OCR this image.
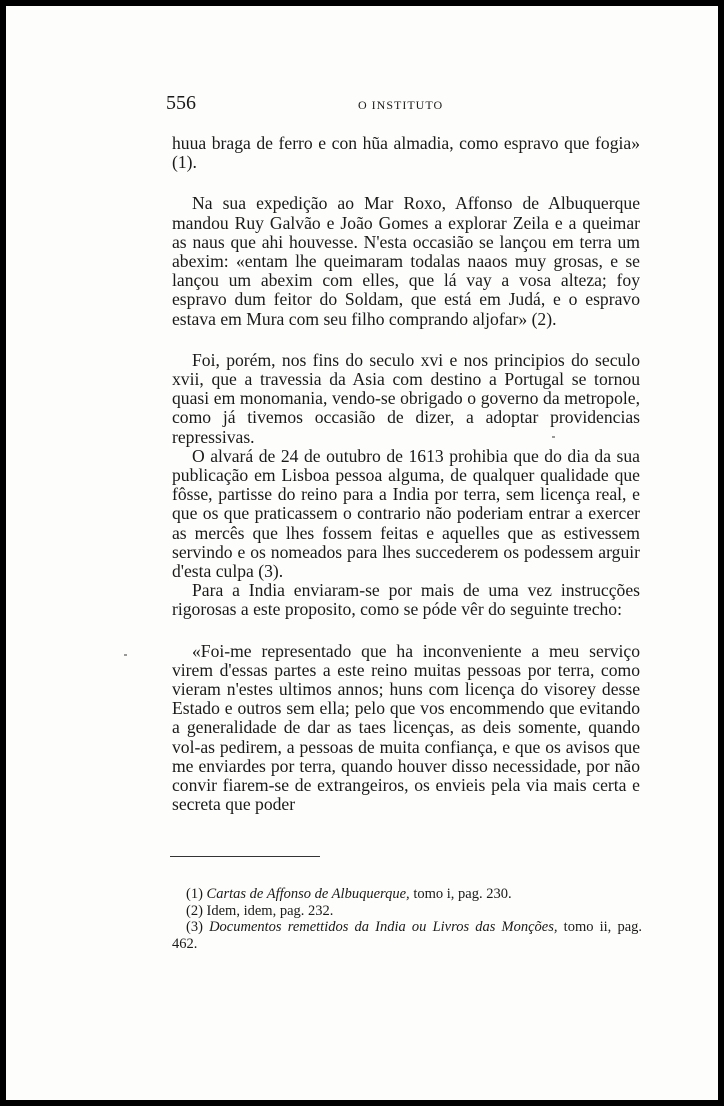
556	O INSTITUTO

huua braga de ferro e con hũa almadia, como espravo que fogia» (1).

Na sua expedição ao Mar Roxo, Affonso de Albuquerque mandou Ruy Galvão e João Gomes a explorar Zeila e a queimar as naus que ahi houvesse. N'esta occasião se lançou em terra um abexim: «entam lhe queimaram todalas naaos muy grosas, e se lançou um abexim com elles, que lá vay a vosa alteza; foy espravo dum feitor do Soldam, que está em Judá, e o espravo estava em Mura com seu filho comprando aljofar» (2).

Foi, porém, nos fins do seculo xvi e nos principios do seculo xvii, que a travessia da Asia com destino a Portugal se tornou quasi em monomania, vendo-se obrigado o governo da metropole, como já tivemos occasião de dizer, a adoptar providencias repressivas.

O alvará de 24 de outubro de 1613 prohibia que do dia da sua publicação em Lisboa pessoa alguma, de qualquer qualidade que fôsse, partisse do reino para a India por terra, sem licença real, e que os que praticassem o contrario não poderiam entrar a exercer as mercês que lhes fossem feitas e aquelles que as estivessem servindo e os nomeados para lhes succederem os podessem arguir d'esta culpa (3).

Para a India enviaram-se por mais de uma vez instrucções rigorosas a este proposito, como se póde vêr do seguinte trecho:

«Foi-me representado que ha inconveniente a meu serviço virem d'essas partes a este reino muitas pessoas por terra, como vieram n'estes ultimos annos; huns com licença do visorey desse Estado e outros sem ella; pelo que vos encommendo que evitando a generalidade de dar as taes licenças, as deis somente, quando vol-as pedirem, a pessoas de muita confiança, e que os avisos que me enviardes por terra, quando houver disso necessidade, por não convir fiarem-se de extrangeiros, os envieis pela via mais certa e secreta que poder

(1) Cartas de Affonso de Albuquerque, tomo i, pag. 230.

(2) Idem, idem, pag. 232.

(3) Documentos remettidos da India ou Livros das Monções, tomo ii, pag. 462.
